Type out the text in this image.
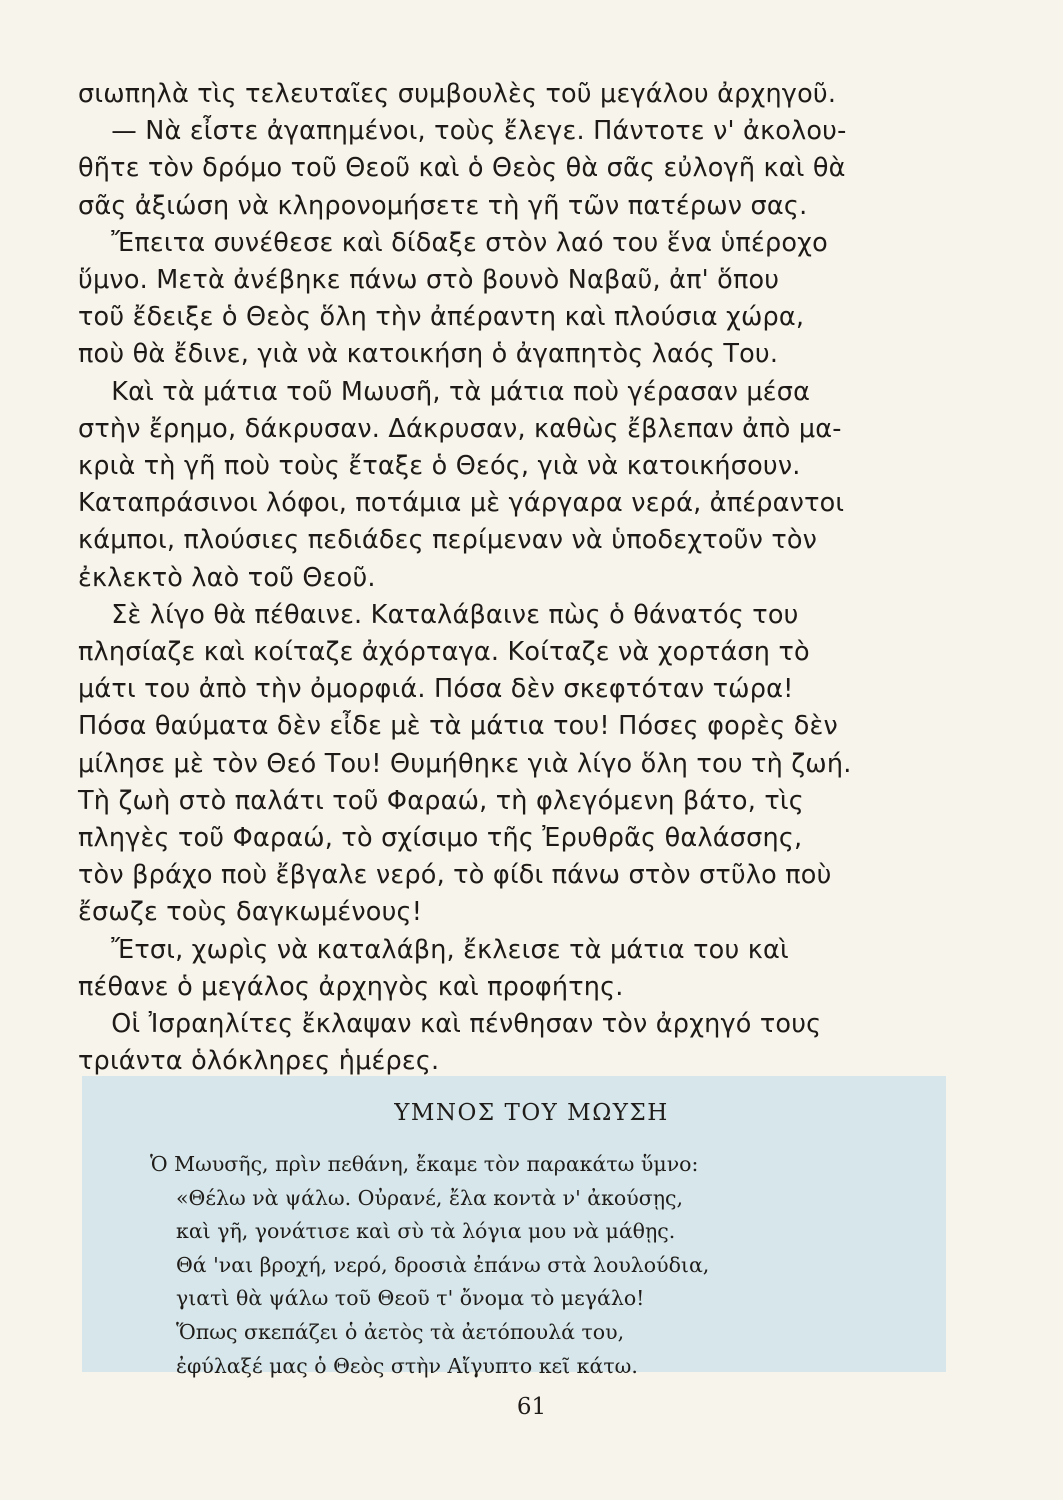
σιωπηλὰ τὶς τελευταῖες συμβουλὲς τοῦ μεγάλου ἀρχηγοῦ.
— Νὰ εἶστε ἀγαπημένοι, τοὺς ἔλεγε. Πάντοτε ν' ἀκολου-
θῆτε τὸν δρόμο τοῦ Θεοῦ καὶ ὁ Θεὸς θὰ σᾶς εὐλογῆ καὶ θὰ
σᾶς ἀξιώση νὰ κληρονομήσετε τὴ γῆ τῶν πατέρων σας.
Ἔπειτα συνέθεσε καὶ δίδαξε στὸν λαό του ἕνα ὑπέροχο
ὕμνο. Μετὰ ἀνέβηκε πάνω στὸ βουνὸ Ναβαῦ, ἀπ' ὅπου
τοῦ ἔδειξε ὁ Θεὸς ὅλη τὴν ἀπέραντη καὶ πλούσια χώρα,
ποὺ θὰ ἔδινε, γιὰ νὰ κατοικήση ὁ ἀγαπητὸς λαός Του.
Καὶ τὰ μάτια τοῦ Μωυσῆ, τὰ μάτια ποὺ γέρασαν μέσα
στὴν ἔρημο, δάκρυσαν. Δάκρυσαν, καθὼς ἔβλεπαν ἀπὸ μα-
κριὰ τὴ γῆ ποὺ τοὺς ἔταξε ὁ Θεός, γιὰ νὰ κατοικήσουν.
Καταπράσινοι λόφοι, ποτάμια μὲ γάργαρα νερά, ἀπέραντοι
κάμποι, πλούσιες πεδιάδες περίμεναν νὰ ὑποδεχτοῦν τὸν
ἐκλεκτὸ λαὸ τοῦ Θεοῦ.
Σὲ λίγο θὰ πέθαινε. Καταλάβαινε πὼς ὁ θάνατός του
πλησίαζε καὶ κοίταζε ἀχόρταγα. Κοίταζε νὰ χορτάση τὸ
μάτι του ἀπὸ τὴν ὀμορφιά. Πόσα δὲν σκεφτόταν τώρα!
Πόσα θαύματα δὲν εἶδε μὲ τὰ μάτια του! Πόσες φορὲς δὲν
μίλησε μὲ τὸν Θεό Του! Θυμήθηκε γιὰ λίγο ὅλη του τὴ ζωή.
Τὴ ζωὴ στὸ παλάτι τοῦ Φαραώ, τὴ φλεγόμενη βάτο, τὶς
πληγὲς τοῦ Φαραώ, τὸ σχίσιμο τῆς Ἐρυθρᾶς θαλάσσης,
τὸν βράχο ποὺ ἔβγαλε νερό, τὸ φίδι πάνω στὸν στῦλο ποὺ
ἔσωζε τοὺς δαγκωμένους!
Ἔτσι, χωρὶς νὰ καταλάβη, ἔκλεισε τὰ μάτια του καὶ
πέθανε ὁ μεγάλος ἀρχηγὸς καὶ προφήτης.
Οἱ Ἰσραηλίτες ἔκλαψαν καὶ πένθησαν τὸν ἀρχηγό τους
τριάντα ὁλόκληρες ἡμέρες.
ΥΜΝΟΣ ΤΟΥ ΜΩΥΣΗ
Ὁ Μωυσῆς, πρὶν πεθάνη, ἔκαμε τὸν παρακάτω ὕμνο:
«Θέλω νὰ ψάλω. Οὐρανέ, ἔλα κοντὰ ν' ἀκούσῃς,
καὶ γῆ, γονάτισε καὶ σὺ τὰ λόγια μου νὰ μάθῃς.
Θά 'ναι βροχή, νερό, δροσιὰ ἐπάνω στὰ λουλούδια,
γιατὶ θὰ ψάλω τοῦ Θεοῦ τ' ὄνομα τὸ μεγάλο!
Ὅπως σκεπάζει ὁ ἀετὸς τὰ ἀετόπουλά του,
ἐφύλαξέ μας ὁ Θεὸς στὴν Αἴγυπτο κεῖ κάτω.
61
